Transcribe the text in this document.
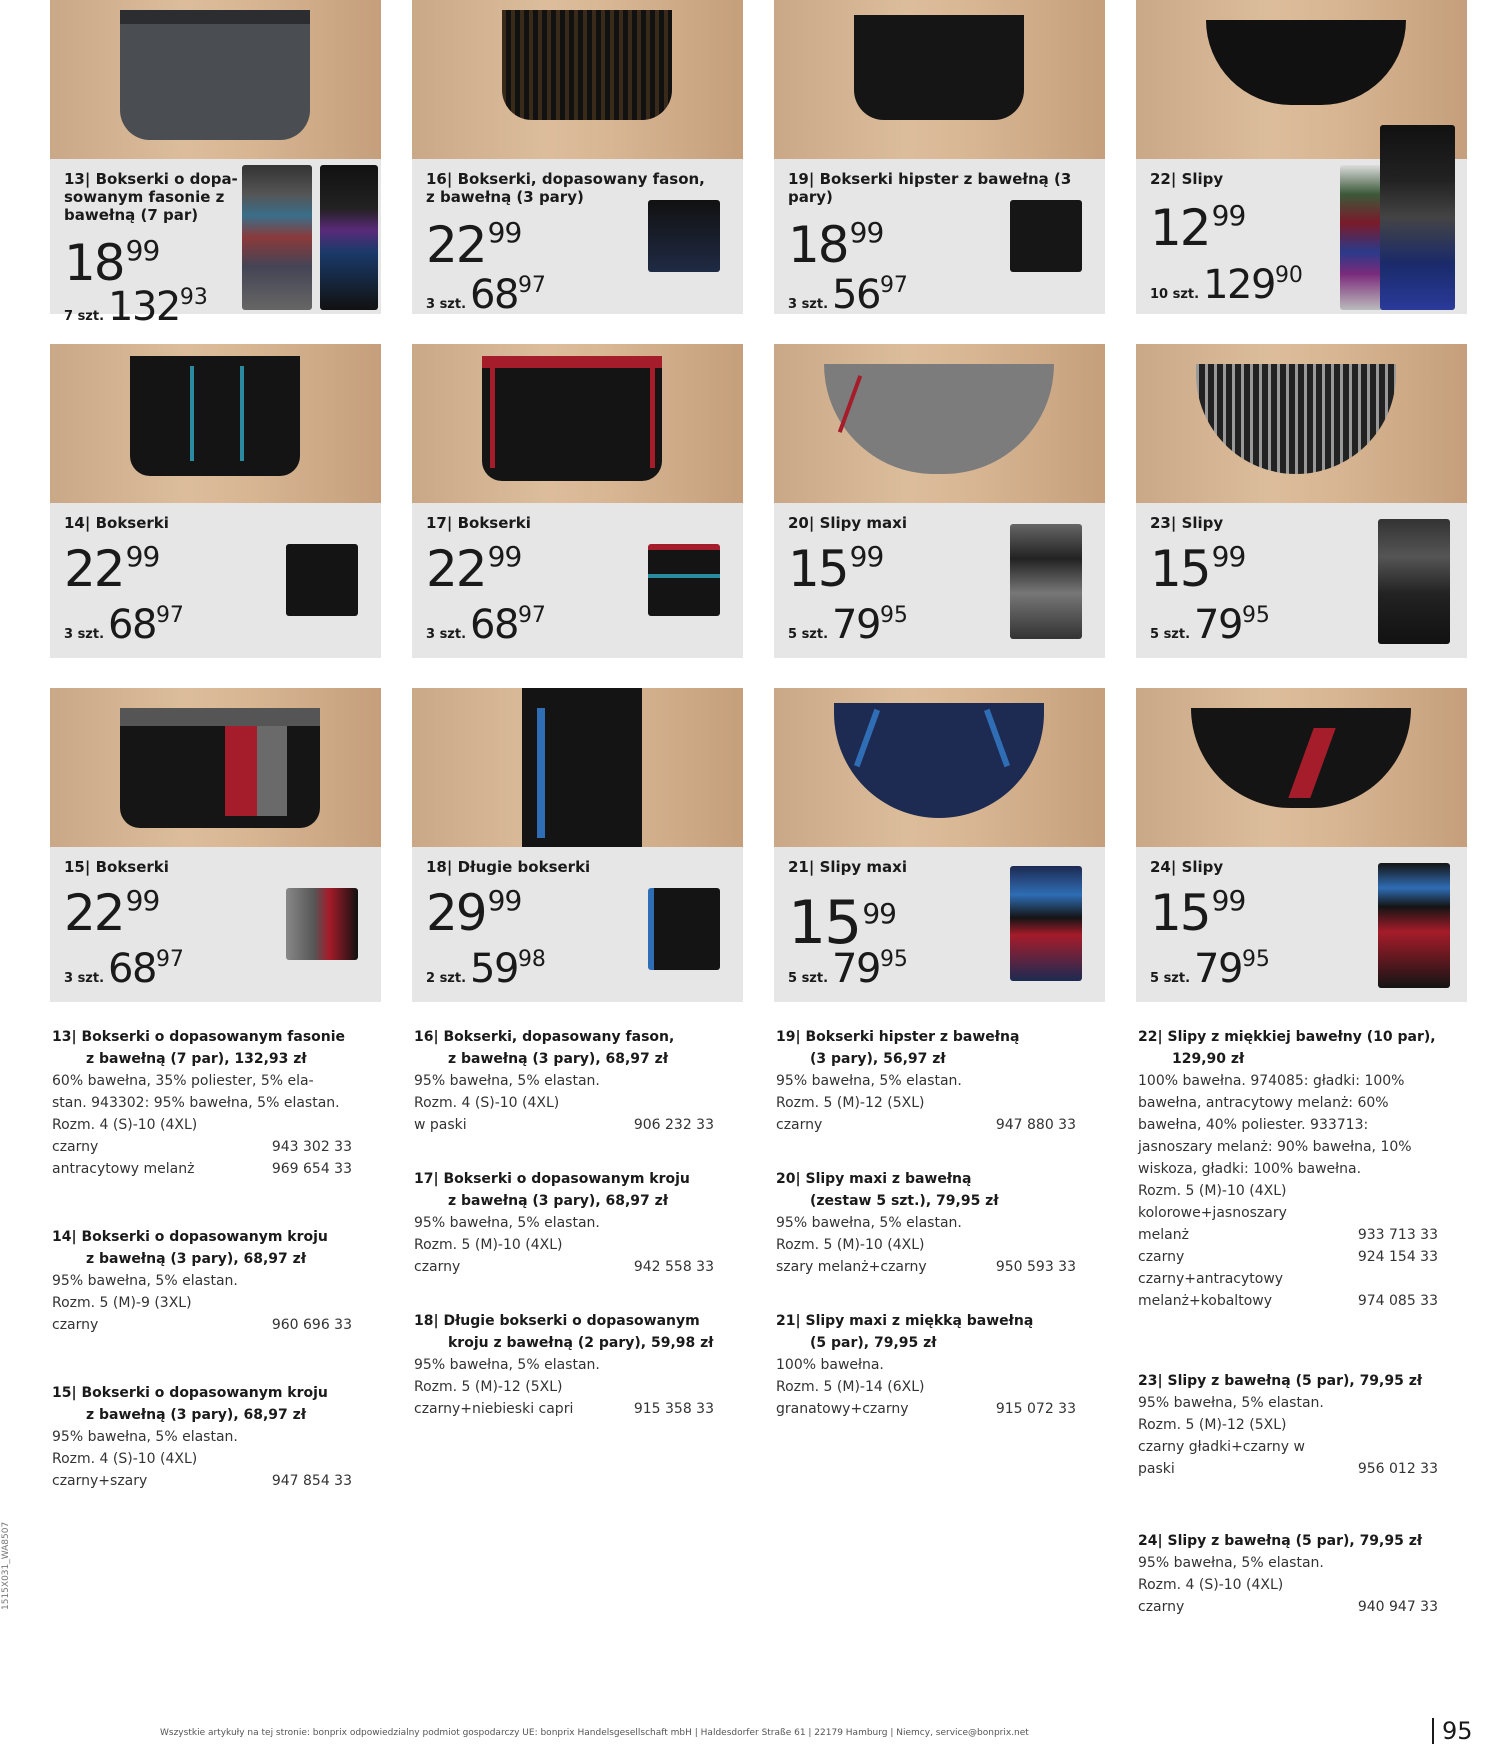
13| Bokserki o dopa-sowanym fasonie z bawełną (7 par)
$18^{99}$
7 szt. $132^{93}$
16| Bokserki, dopasowany fason, z bawełną (3 pary)
$22^{99}$
3 szt. $68^{97}$
19| Bokserki hipster z bawełną (3 pary)
$18^{99}$
3 szt. $56^{97}$
22| Slipy
$12^{99}$
10 szt. $129^{90}$
14| Bokserki
$22^{99}$
3 szt. $68^{97}$
17| Bokserki
$22^{99}$
3 szt. $68^{97}$
20| Slipy maxi
$15^{99}$
5 szt. $79^{95}$
23| Slipy
$15^{99}$
5 szt. $79^{95}$
15| Bokserki
$22^{99}$
3 szt. $68^{97}$
18| Długie bokserki
$29^{99}$
2 szt. $59^{98}$
21| Slipy maxi
$15^{99}$
5 szt. $79^{95}$
24| Slipy
$15^{99}$
5 szt. $79^{95}$
13| Bokserki o dopasowanym fasonie
z bawełną (7 par), 132,93 zł
60% bawełna, 35% poliester, 5% ela-
stan. 943302: 95% bawełna, 5% elastan.
Rozm. 4 (S)-10 (4XL)
czarny	943 302 33
antracytowy melanż	969 654 33
14| Bokserki o dopasowanym kroju
z bawełną (3 pary), 68,97 zł
95% bawełna, 5% elastan.
Rozm. 5 (M)-9 (3XL)
czarny	960 696 33
15| Bokserki o dopasowanym kroju
z bawełną (3 pary), 68,97 zł
95% bawełna, 5% elastan.
Rozm. 4 (S)-10 (4XL)
czarny+szary	947 854 33
16| Bokserki, dopasowany fason,
z bawełną (3 pary), 68,97 zł
95% bawełna, 5% elastan.
Rozm. 4 (S)-10 (4XL)
w paski	906 232 33
17| Bokserki o dopasowanym kroju
z bawełną (3 pary), 68,97 zł
95% bawełna, 5% elastan.
Rozm. 5 (M)-10 (4XL)
czarny	942 558 33
18| Długie bokserki o dopasowanym
kroju z bawełną (2 pary), 59,98 zł
95% bawełna, 5% elastan.
Rozm. 5 (M)-12 (5XL)
czarny+niebieski capri	915 358 33
19| Bokserki hipster z bawełną
(3 pary), 56,97 zł
95% bawełna, 5% elastan.
Rozm. 5 (M)-12 (5XL)
czarny	947 880 33
20| Slipy maxi z bawełną
(zestaw 5 szt.), 79,95 zł
95% bawełna, 5% elastan.
Rozm. 5 (M)-10 (4XL)
szary melanż+czarny	950 593 33
21| Slipy maxi z miękką bawełną
(5 par), 79,95 zł
100% bawełna.
Rozm. 5 (M)-14 (6XL)
granatowy+czarny	915 072 33
22| Slipy z miękkiej bawełny (10 par),
129,90 zł
100% bawełna. 974085: gładki: 100%
bawełna, antracytowy melanż: 60%
bawełna, 40% poliester. 933713:
jasnoszary melanż: 90% bawełna, 10%
wiskoza, gładki: 100% bawełna.
Rozm. 5 (M)-10 (4XL)
kolorowe+jasnoszary
melanż	933 713 33
czarny	924 154 33
czarny+antracytowy
melanż+kobaltowy	974 085 33
23| Slipy z bawełną (5 par), 79,95 zł
95% bawełna, 5% elastan.
Rozm. 5 (M)-12 (5XL)
czarny gładki+czarny w
paski	956 012 33
24| Slipy z bawełną (5 par), 79,95 zł
95% bawełna, 5% elastan.
Rozm. 4 (S)-10 (4XL)
czarny	940 947 33
1515X031_WA8507
Wszystkie artykuły na tej stronie: bonprix odpowiedzialny podmiot gospodarczy UE: bonprix Handelsgesellschaft mbH | Haldesdorfer Straße 61 | 22179 Hamburg | Niemcy, service@bonprix.net	95
